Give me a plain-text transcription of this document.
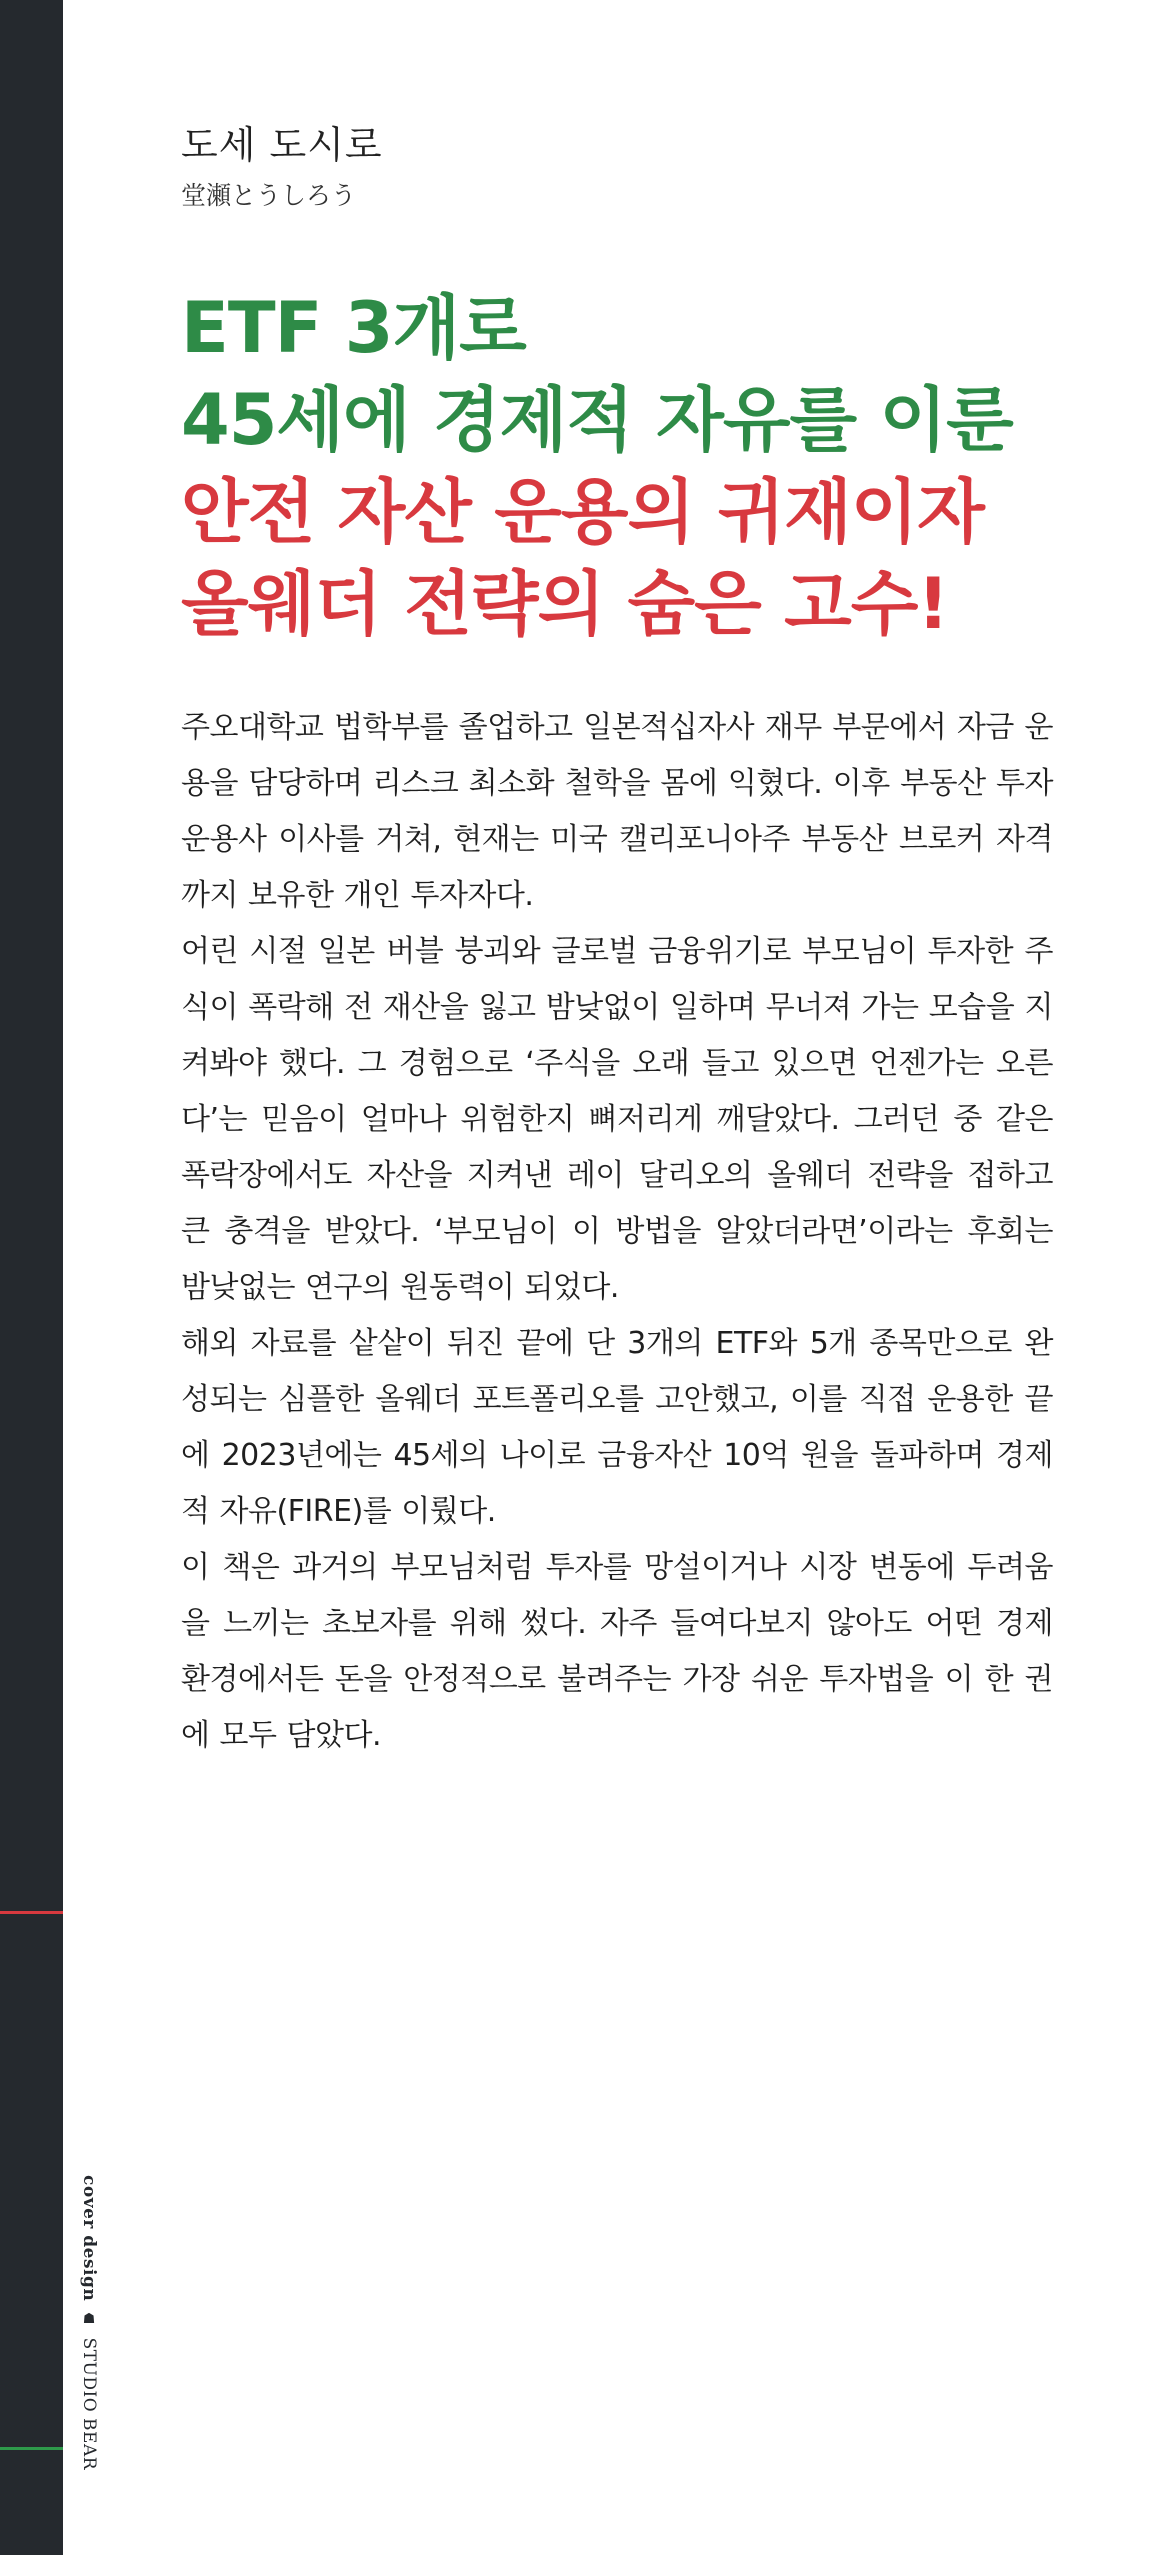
cover design ☗ STUDIO BEAR
도세 도시로
堂瀬とうしろう
ETF 3개로
45세에 경제적 자유를 이룬
안전 자산 운용의 귀재이자
올웨더 전략의 숨은 고수!

주오대학교 법학부를 졸업하고 일본적십자사 재무 부문에서 자금 운용을 담당하며 리스크 최소화 철학을 몸에 익혔다. 이후 부동산 투자 운용사 이사를 거쳐, 현재는 미국 캘리포니아주 부동산 브로커 자격까지 보유한 개인 투자자다.

어린 시절 일본 버블 붕괴와 글로벌 금융위기로 부모님이 투자한 주식이 폭락해 전 재산을 잃고 밤낮없이 일하며 무너져 가는 모습을 지켜봐야 했다. 그 경험으로 ‘주식을 오래 들고 있으면 언젠가는 오른다’는 믿음이 얼마나 위험한지 뼈저리게 깨달았다. 그러던 중 같은 폭락장에서도 자산을 지켜낸 레이 달리오의 올웨더 전략을 접하고 큰 충격을 받았다. ‘부모님이 이 방법을 알았더라면’이라는 후회는 밤낮없는 연구의 원동력이 되었다.

해외 자료를 샅샅이 뒤진 끝에 단 3개의 ETF와 5개 종목만으로 완성되는 심플한 올웨더 포트폴리오를 고안했고, 이를 직접 운용한 끝에 2023년에는 45세의 나이로 금융자산 10억 원을 돌파하며 경제적 자유(FIRE)를 이뤘다.

이 책은 과거의 부모님처럼 투자를 망설이거나 시장 변동에 두려움을 느끼는 초보자를 위해 썼다. 자주 들여다보지 않아도 어떤 경제 환경에서든 돈을 안정적으로 불려주는 가장 쉬운 투자법을 이 한 권에 모두 담았다.
